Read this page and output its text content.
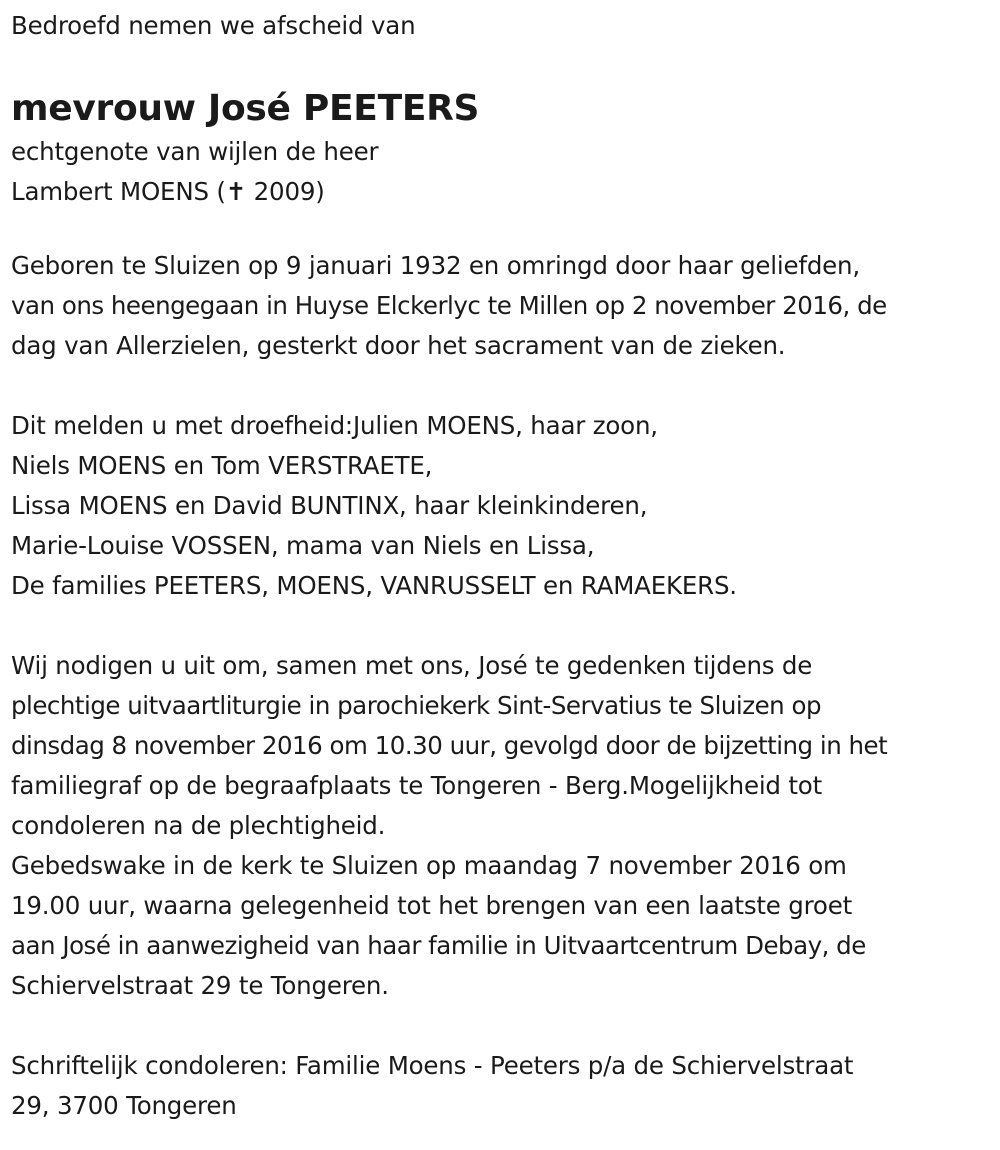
Bedroefd nemen we afscheid van
mevrouw José PEETERS
echtgenote van wijlen de heer
Lambert MOENS (✝ 2009)
Geboren te Sluizen op 9 januari 1932 en omringd door haar geliefden,
van ons heengegaan in Huyse Elckerlyc te Millen op 2 november 2016, de
dag van Allerzielen, gesterkt door het sacrament van de zieken.
Dit melden u met droefheid:Julien MOENS, haar zoon,
Niels MOENS en Tom VERSTRAETE,
Lissa MOENS en David BUNTINX, haar kleinkinderen,
Marie-Louise VOSSEN, mama van Niels en Lissa,
De families PEETERS, MOENS, VANRUSSELT en RAMAEKERS.
Wij nodigen u uit om, samen met ons, José te gedenken tijdens de
plechtige uitvaartliturgie in parochiekerk Sint-Servatius te Sluizen op
dinsdag 8 november 2016 om 10.30 uur, gevolgd door de bijzetting in het
familiegraf op de begraafplaats te Tongeren - Berg.Mogelijkheid tot
condoleren na de plechtigheid.
Gebedswake in de kerk te Sluizen op maandag 7 november 2016 om
19.00 uur, waarna gelegenheid tot het brengen van een laatste groet
aan José in aanwezigheid van haar familie in Uitvaartcentrum Debay, de
Schiervelstraat 29 te Tongeren.
Schriftelijk condoleren: Familie Moens - Peeters p/a de Schiervelstraat
29, 3700 Tongeren
